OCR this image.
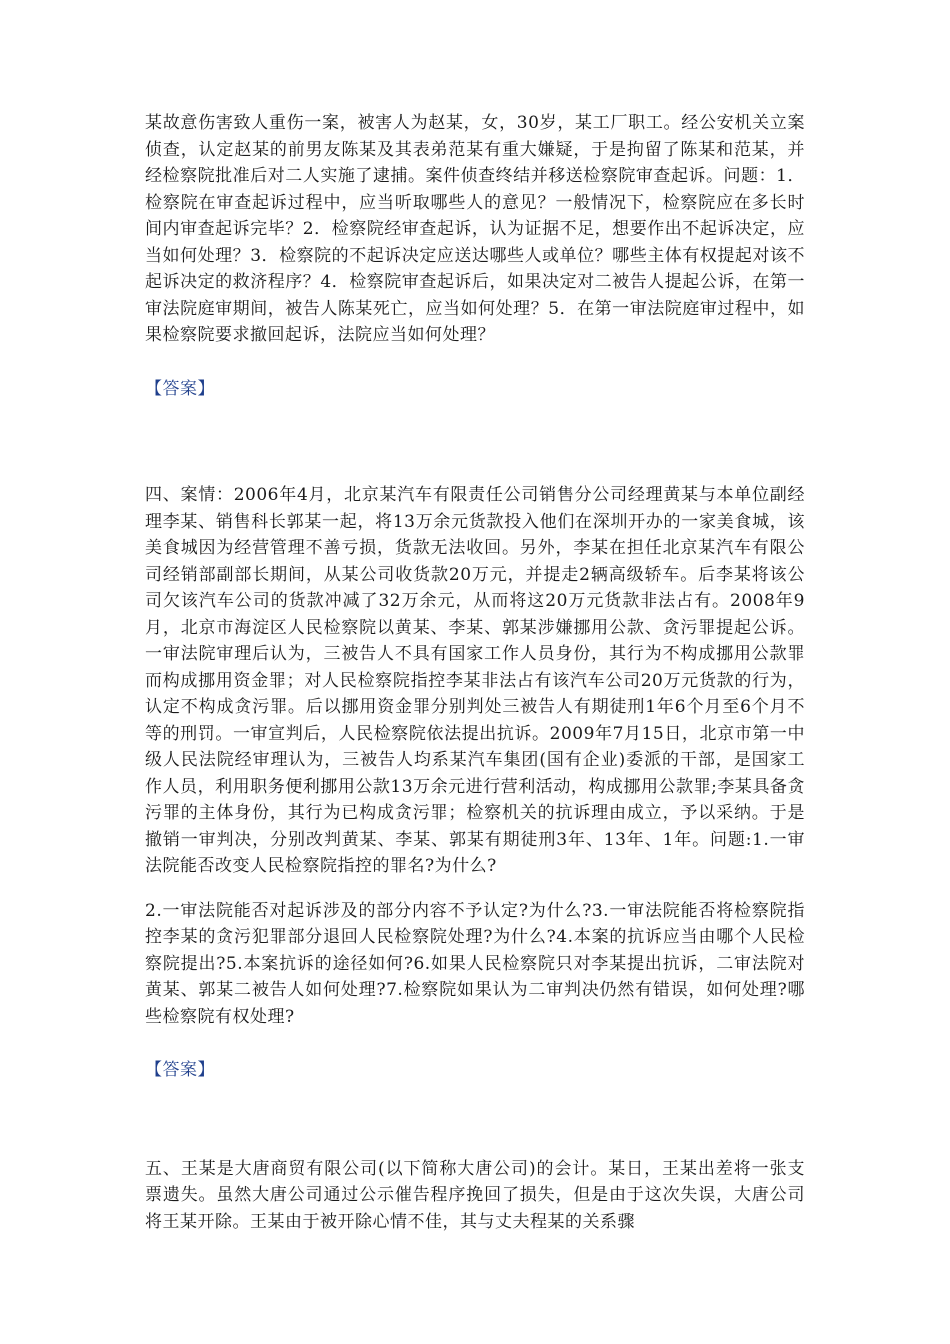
某故意伤害致人重伤一案，被害人为赵某，女，30岁，某工厂职工。经公安机关立案侦查，认定赵某的前男友陈某及其表弟范某有重大嫌疑，于是拘留了陈某和范某，并经检察院批准后对二人实施了逮捕。案件侦查终结并移送检察院审查起诉。问题：1．检察院在审查起诉过程中，应当听取哪些人的意见？一般情况下，检察院应在多长时间内审查起诉完毕？2．检察院经审查起诉，认为证据不足，想要作出不起诉决定，应当如何处理？3．检察院的不起诉决定应送达哪些人或单位？哪些主体有权提起对该不起诉决定的救济程序？4．检察院审查起诉后，如果决定对二被告人提起公诉，在第一审法院庭审期间，被告人陈某死亡，应当如何处理？5．在第一审法院庭审过程中，如果检察院要求撤回起诉，法院应当如何处理？

【答案】

四、案情：2006年4月，北京某汽车有限责任公司销售分公司经理黄某与本单位副经理李某、销售科长郭某一起，将13万余元货款投入他们在深圳开办的一家美食城，该美食城因为经营管理不善亏损，货款无法收回。另外，李某在担任北京某汽车有限公司经销部副部长期间，从某公司收货款20万元，并提走2辆高级轿车。后李某将该公司欠该汽车公司的货款冲减了32万余元，从而将这20万元货款非法占有。2008年9月，北京市海淀区人民检察院以黄某、李某、郭某涉嫌挪用公款、贪污罪提起公诉。一审法院审理后认为，三被告人不具有国家工作人员身份，其行为不构成挪用公款罪而构成挪用资金罪；对人民检察院指控李某非法占有该汽车公司20万元货款的行为，认定不构成贪污罪。后以挪用资金罪分别判处三被告人有期徒刑1年6个月至6个月不等的刑罚。一审宣判后，人民检察院依法提出抗诉。2009年7月15日，北京市第一中级人民法院经审理认为，三被告人均系某汽车集团(国有企业)委派的干部，是国家工作人员，利用职务便利挪用公款13万余元进行营利活动，构成挪用公款罪;李某具备贪污罪的主体身份，其行为已构成贪污罪；检察机关的抗诉理由成立，予以采纳。于是撤销一审判决，分别改判黄某、李某、郭某有期徒刑3年、13年、1年。问题:1.一审法院能否改变人民检察院指控的罪名?为什么?

2.一审法院能否对起诉涉及的部分内容不予认定?为什么?3.一审法院能否将检察院指控李某的贪污犯罪部分退回人民检察院处理?为什么?4.本案的抗诉应当由哪个人民检察院提出?5.本案抗诉的途径如何?6.如果人民检察院只对李某提出抗诉，二审法院对黄某、郭某二被告人如何处理?7.检察院如果认为二审判决仍然有错误，如何处理?哪些检察院有权处理?

【答案】

五、王某是大唐商贸有限公司(以下简称大唐公司)的会计。某日，王某出差将一张支票遗失。虽然大唐公司通过公示催告程序挽回了损失，但是由于这次失误，大唐公司将王某开除。王某由于被开除心情不佳，其与丈夫程某的关系骤
